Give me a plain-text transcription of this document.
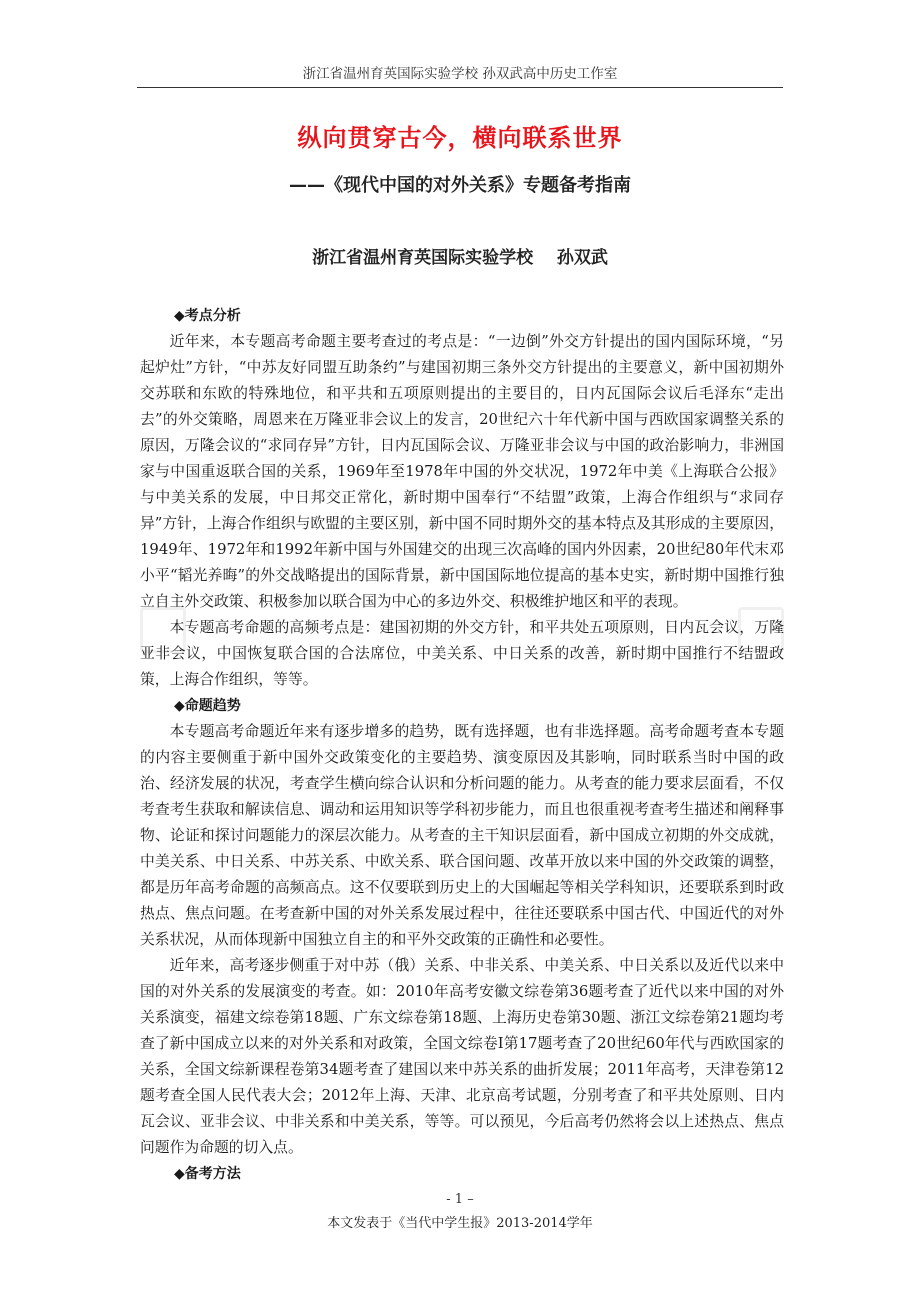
浙江省温州育英国际实验学校 孙双武高中历史工作室
纵向贯穿古今，横向联系世界
——《现代中国的对外关系》专题备考指南
浙江省温州育英国际实验学校    孙双武
◆考点分析

近年来，本专题高考命题主要考查过的考点是：“一边倒”外交方针提出的国内国际环境，“另起炉灶”方针，“中苏友好同盟互助条约”与建国初期三条外交方针提出的主要意义，新中国初期外交苏联和东欧的特殊地位，和平共和五项原则提出的主要目的，日内瓦国际会议后毛泽东“走出去”的外交策略，周恩来在万隆亚非会议上的发言，20世纪六十年代新中国与西欧国家调整关系的原因，万隆会议的“求同存异”方针，日内瓦国际会议、万隆亚非会议与中国的政治影响力，非洲国家与中国重返联合国的关系，1969年至1978年中国的外交状况，1972年中美《上海联合公报》与中美关系的发展，中日邦交正常化，新时期中国奉行“不结盟”政策，上海合作组织与“求同存异”方针，上海合作组织与欧盟的主要区别，新中国不同时期外交的基本特点及其形成的主要原因，1949年、1972年和1992年新中国与外国建交的出现三次高峰的国内外因素，20世纪80年代末邓小平“韬光养晦”的外交战略提出的国际背景，新中国国际地位提高的基本史实，新时期中国推行独立自主外交政策、积极参加以联合国为中心的多边外交、积极维护地区和平的表现。

本专题高考命题的高频考点是：建国初期的外交方针，和平共处五项原则，日内瓦会议，万隆亚非会议，中国恢复联合国的合法席位，中美关系、中日关系的改善，新时期中国推行不结盟政策，上海合作组织，等等。

◆命题趋势

本专题高考命题近年来有逐步增多的趋势，既有选择题，也有非选择题。高考命题考查本专题的内容主要侧重于新中国外交政策变化的主要趋势、演变原因及其影响，同时联系当时中国的政治、经济发展的状况，考查学生横向综合认识和分析问题的能力。从考查的能力要求层面看，不仅考查考生获取和解读信息、调动和运用知识等学科初步能力，而且也很重视考查考生描述和阐释事物、论证和探讨问题能力的深层次能力。从考查的主干知识层面看，新中国成立初期的外交成就，中美关系、中日关系、中苏关系、中欧关系、联合国问题、改革开放以来中国的外交政策的调整，都是历年高考命题的高频高点。这不仅要联到历史上的大国崛起等相关学科知识，还要联系到时政热点、焦点问题。在考查新中国的对外关系发展过程中，往往还要联系中国古代、中国近代的对外关系状况，从而体现新中国独立自主的和平外交政策的正确性和必要性。

近年来，高考逐步侧重于对中苏（俄）关系、中非关系、中美关系、中日关系以及近代以来中国的对外关系的发展演变的考查。如：2010年高考安徽文综卷第36题考查了近代以来中国的对外关系演变，福建文综卷第18题、广东文综卷第18题、上海历史卷第30题、浙江文综卷第21题均考查了新中国成立以来的对外关系和对政策，全国文综卷Ⅰ第17题考查了20世纪60年代与西欧国家的关系，全国文综新课程卷第34题考查了建国以来中苏关系的曲折发展；2011年高考，天津卷第12题考查全国人民代表大会；2012年上海、天津、北京高考试题，分别考查了和平共处原则、日内瓦会议、亚非会议、中非关系和中美关系，等等。可以预见，今后高考仍然将会以上述热点、焦点问题作为命题的切入点。

◆备考方法
- 1 –
本文发表于《当代中学生报》2013-2014学年
